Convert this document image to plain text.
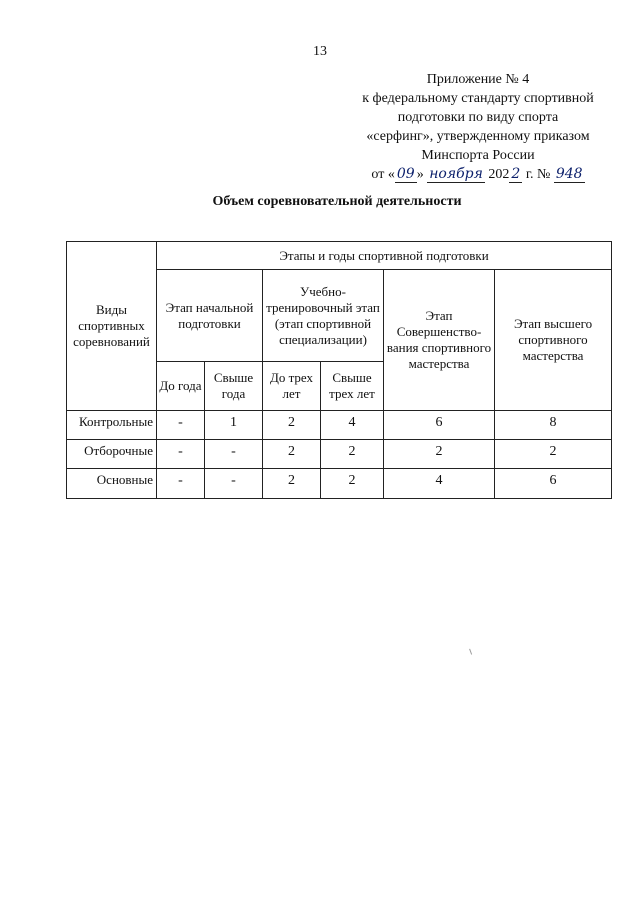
13
Приложение № 4
к федеральному стандарту спортивной
подготовки по виду спорта
«серфинг», утвержденному приказом
Минспорта России
от « 09 » ноября 202 2 г. № 948
Объем соревновательной деятельности
Виды спортивных соревнований	Этапы и годы спортивной подготовки					
	Этап начальной подготовки		Учебно-тренировочный этап (этап спортивной специализации)		Этап Совершенство-вания спортивного мастерства	Этап высшего спортивного мастерства
	До года	Свыше года	До трех лет	Свыше трех лет		
Контрольные	-	1	2	4	6	8
Отборочные	-	-	2	2	2	2
Основные	-	-	2	2	4	6
